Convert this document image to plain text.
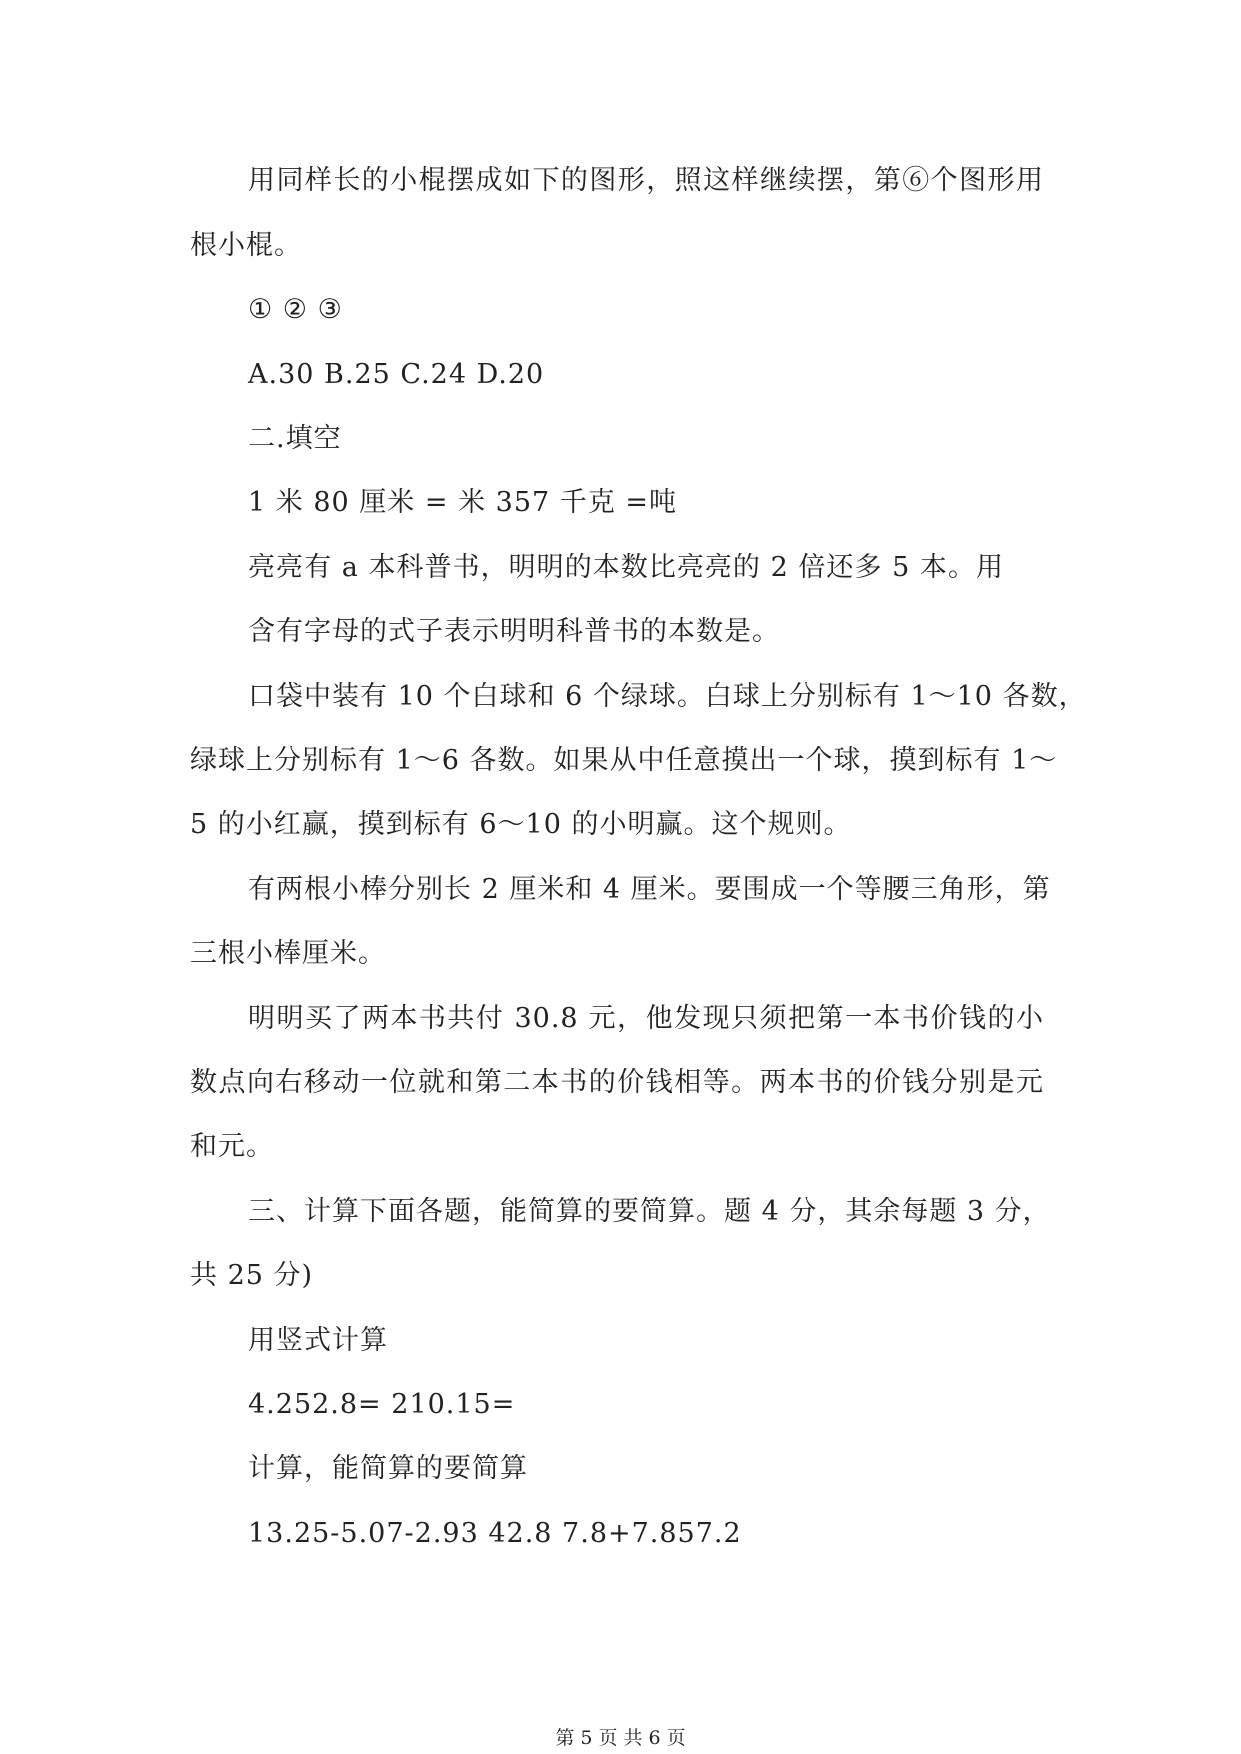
用同样长的小棍摆成如下的图形，照这样继续摆，第⑥个图形用
根小棍。
① ② ③
A.30 B.25 C.24 D.20
二.填空
1 米 80 厘米 = 米 357 千克 =吨
亮亮有 a 本科普书，明明的本数比亮亮的 2 倍还多 5 本。用
含有字母的式子表示明明科普书的本数是。
口袋中装有 10 个白球和 6 个绿球。白球上分别标有 1～10 各数，
绿球上分别标有 1～6 各数。如果从中任意摸出一个球，摸到标有 1～
5 的小红赢，摸到标有 6～10 的小明赢。这个规则。
有两根小棒分别长 2 厘米和 4 厘米。要围成一个等腰三角形，第
三根小棒厘米。
明明买了两本书共付 30.8 元，他发现只须把第一本书价钱的小
数点向右移动一位就和第二本书的价钱相等。两本书的价钱分别是元
和元。
三、计算下面各题，能简算的要简算。题 4 分，其余每题 3 分，
共 25 分)
用竖式计算
4.252.8= 210.15=
计算，能简算的要简算
13.25-5.07-2.93 42.8 7.8+7.857.2
第 5 页 共 6 页
